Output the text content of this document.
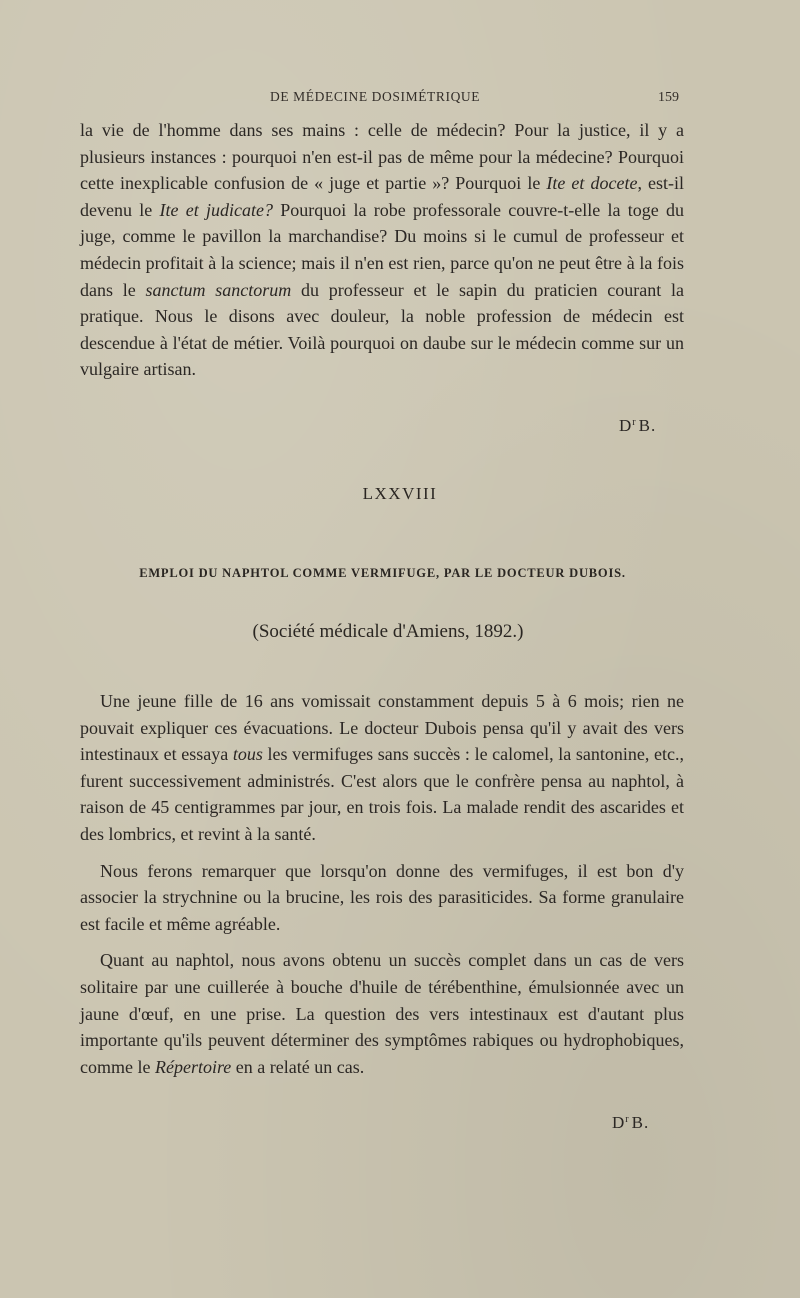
DE MÉDECINE DOSIMÉTRIQUE	159

la vie de l'homme dans ses mains : celle de médecin? Pour la justice, il y a plusieurs instances : pourquoi n'en est-il pas de même pour la médecine? Pourquoi cette inexplicable confusion de « juge et partie »? Pourquoi le Ite et docete, est-il devenu le Ite et judicate? Pourquoi la robe professorale couvre-t-elle la toge du juge, comme le pavillon la marchandise? Du moins si le cumul de professeur et médecin profitait à la science; mais il n'en est rien, parce qu'on ne peut être à la fois dans le sanctum sanctorum du professeur et le sapin du praticien courant la pratique. Nous le disons avec douleur, la noble profession de médecin est descendue à l'état de métier. Voilà pourquoi on daube sur le médecin comme sur un vulgaire artisan.

$D^r$ B.
LXXVIII
EMPLOI DU NAPHTOL COMME VERMIFUGE, PAR LE DOCTEUR DUBOIS.
(Société médicale d'Amiens, 1892.)

Une jeune fille de 16 ans vomissait constamment depuis 5 à 6 mois; rien ne pouvait expliquer ces évacuations. Le docteur Dubois pensa qu'il y avait des vers intestinaux et essaya tous les vermifuges sans succès : le calomel, la santonine, etc., furent successivement administrés. C'est alors que le confrère pensa au naphtol, à raison de 45 centigrammes par jour, en trois fois. La malade rendit des ascarides et des lombrics, et revint à la santé.

Nous ferons remarquer que lorsqu'on donne des vermifuges, il est bon d'y associer la strychnine ou la brucine, les rois des parasiticides. Sa forme granulaire est facile et même agréable.

Quant au naphtol, nous avons obtenu un succès complet dans un cas de vers solitaire par une cuillerée à bouche d'huile de térébenthine, émulsionnée avec un jaune d'œuf, en une prise. La question des vers intestinaux est d'autant plus importante qu'ils peuvent déterminer des symptômes rabiques ou hydrophobiques, comme le Répertoire en a relaté un cas.

$D^r$ B.
